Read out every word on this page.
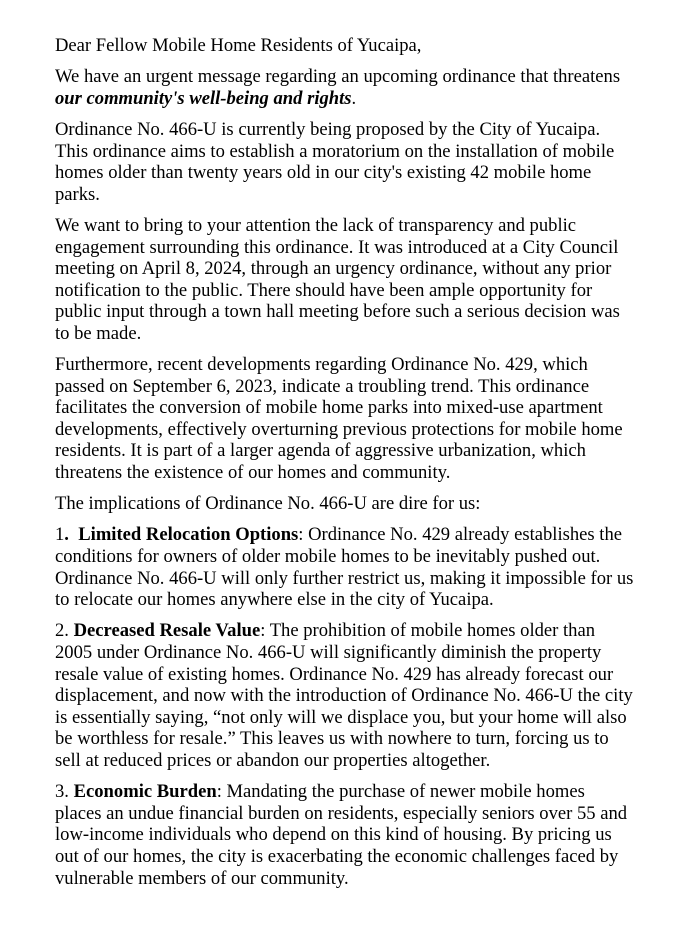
Dear Fellow Mobile Home Residents of Yucaipa,

We have an urgent message regarding an upcoming ordinance that threatens
our community's well-being and rights.

Ordinance No. 466-U is currently being proposed by the City of Yucaipa.
This ordinance aims to establish a moratorium on the installation of mobile
homes older than twenty years old in our city's existing 42 mobile home
parks.

We want to bring to your attention the lack of transparency and public
engagement surrounding this ordinance. It was introduced at a City Council
meeting on April 8, 2024, through an urgency ordinance, without any prior
notification to the public. There should have been ample opportunity for
public input through a town hall meeting before such a serious decision was
to be made.

Furthermore, recent developments regarding Ordinance No. 429, which
passed on September 6, 2023, indicate a troubling trend. This ordinance
facilitates the conversion of mobile home parks into mixed-use apartment
developments, effectively overturning previous protections for mobile home
residents. It is part of a larger agenda of aggressive urbanization, which
threatens the existence of our homes and community.

The implications of Ordinance No. 466-U are dire for us:

1. Limited Relocation Options: Ordinance No. 429 already establishes the
conditions for owners of older mobile homes to be inevitably pushed out.
Ordinance No. 466-U will only further restrict us, making it impossible for us
to relocate our homes anywhere else in the city of Yucaipa.

2. Decreased Resale Value: The prohibition of mobile homes older than
2005 under Ordinance No. 466-U will significantly diminish the property
resale value of existing homes. Ordinance No. 429 has already forecast our
displacement, and now with the introduction of Ordinance No. 466-U the city
is essentially saying, “not only will we displace you, but your home will also
be worthless for resale.” This leaves us with nowhere to turn, forcing us to
sell at reduced prices or abandon our properties altogether.

3. Economic Burden: Mandating the purchase of newer mobile homes
places an undue financial burden on residents, especially seniors over 55 and
low-income individuals who depend on this kind of housing. By pricing us
out of our homes, the city is exacerbating the economic challenges faced by
vulnerable members of our community.
